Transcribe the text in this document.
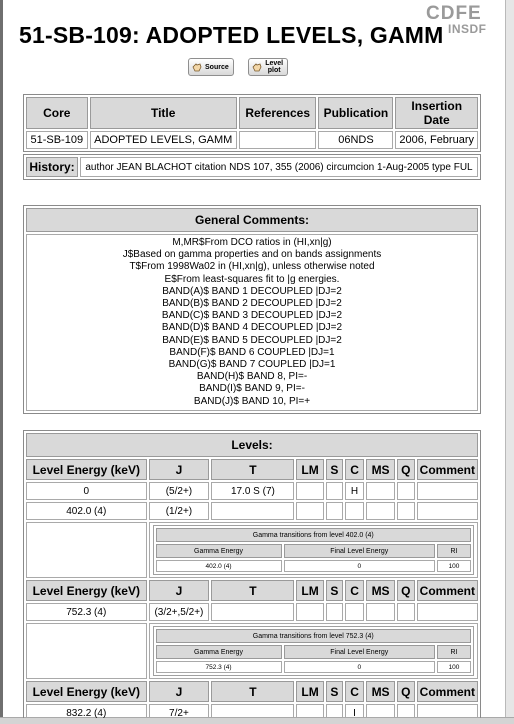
CDFE
INSDF
51-SB-109: ADOPTED LEVELS, GAMM
Source
	Level
plot
Core	Title	References	Publication	Insertion Date
51-SB-109	ADOPTED LEVELS, GAMM		06NDS	2006, February
History:	author JEAN BLACHOT citation NDS 107, 355 (2006) circumcion 1-Aug-2005 type FUL
General Comments:

M,MR$From DCO ratios in (HI,xn|g)
J$Based on gamma properties and on bands assignments
T$From 1998Wa02 in (HI,xn|g), unless otherwise noted
E$From least-squares fit to |g energies.
BAND(A)$ BAND 1 DECOUPLED |DJ=2
BAND(B)$ BAND 2 DECOUPLED |DJ=2
BAND(C)$ BAND 3 DECOUPLED |DJ=2
BAND(D)$ BAND 4 DECOUPLED |DJ=2
BAND(E)$ BAND 5 DECOUPLED |DJ=2
BAND(F)$ BAND 6 COUPLED |DJ=1
BAND(G)$ BAND 7 COUPLED |DJ=1
BAND(H)$ BAND 8, PI=-
BAND(I)$ BAND 9, PI=-
BAND(J)$ BAND 10, PI=+
Levels:
Level Energy (keV)	J	T	LM	S	C	MS	Q	Comment
0	(5/2+)	17.0 S (7)			H			
402.0 (4)	(1/2+)							

Gamma transitions from level 402.0 (4)
Gamma Energy	Final Level Energy	RI
402.0 (4)	0	100

Level Energy (keV)	J	T	LM	S	C	MS	Q	Comment
752.3 (4)	(3/2+,5/2+)							

Gamma transitions from level 752.3 (4)
Gamma Energy	Final Level Energy	RI
752.3 (4)	0	100

Level Energy (keV)	J	T	LM	S	C	MS	Q	Comment
832.2 (4)	7/2+				I			
